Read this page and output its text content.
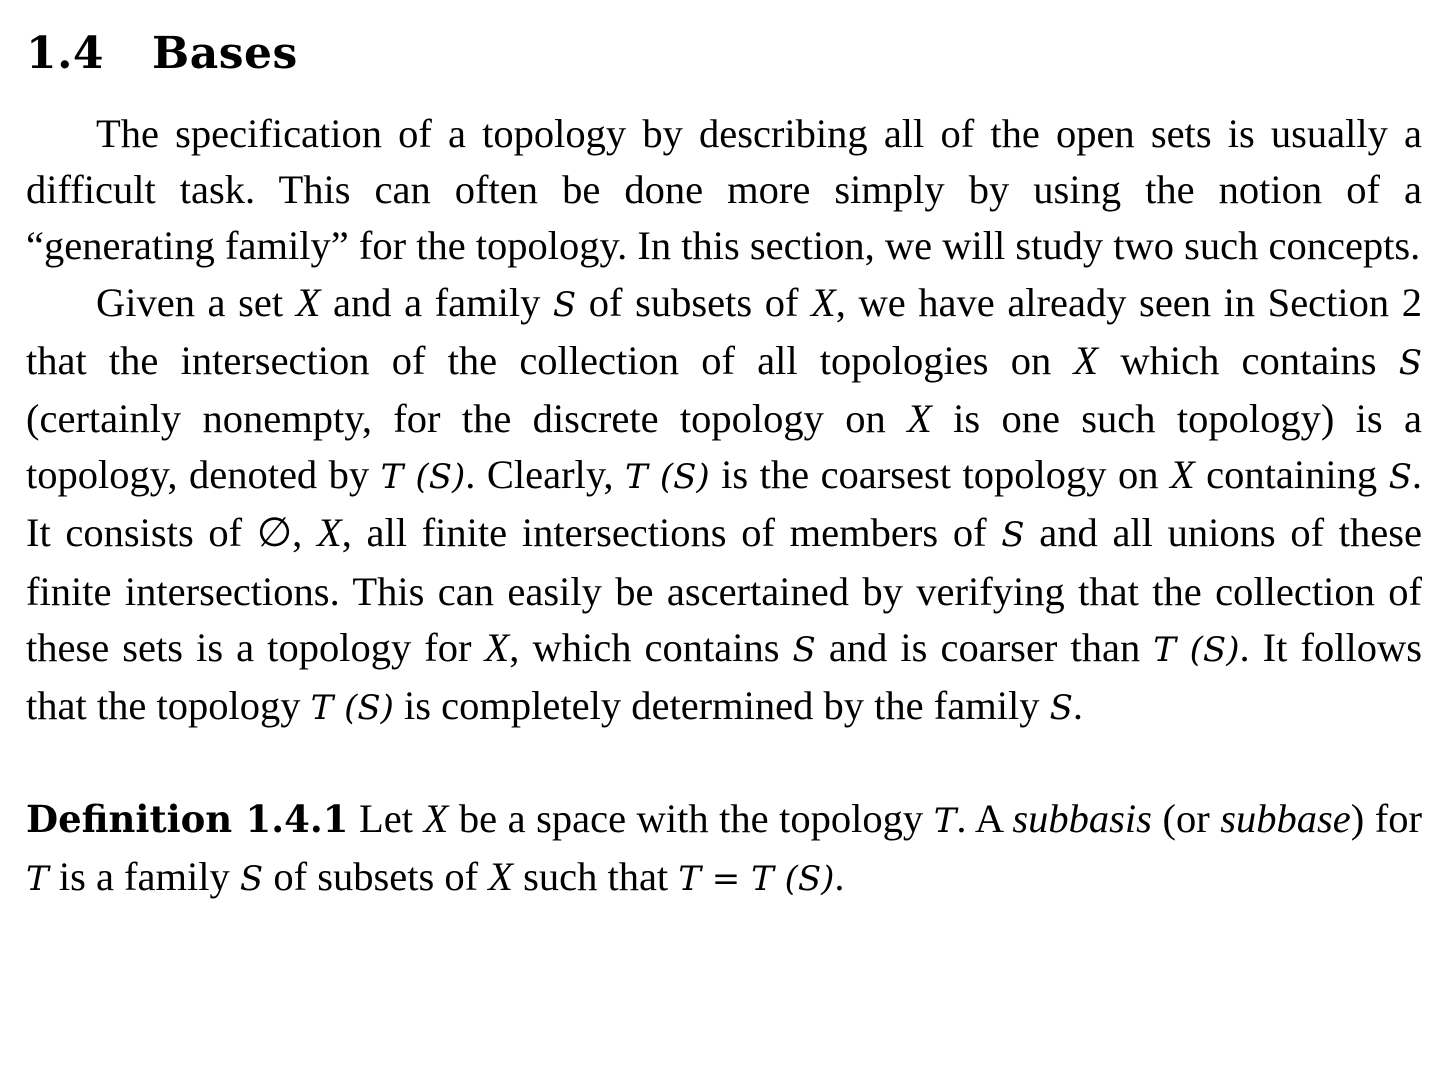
1.4 Bases

The specification of a topology by describing all of the open sets is usually a difficult task. This can often be done more simply by using the notion of a “generating family” for the topology. In this section, we will study two such concepts.

Given a set X and a family S of subsets of X, we have already seen in Section 2 that the intersection of the collection of all topologies on X which contains S (certainly nonempty, for the discrete topology on X is one such topology) is a topology, denoted by T (S). Clearly, T (S) is the coarsest topology on X containing S. It consists of ∅, X, all finite intersections of members of S and all unions of these finite intersections. This can easily be ascertained by verifying that the collection of these sets is a topology for X, which contains S and is coarser than T (S). It follows that the topology T (S) is completely determined by the family S.

Definition 1.4.1 Let X be a space with the topology T. A subbasis (or subbase) for T is a family S of subsets of X such that T = T (S).
